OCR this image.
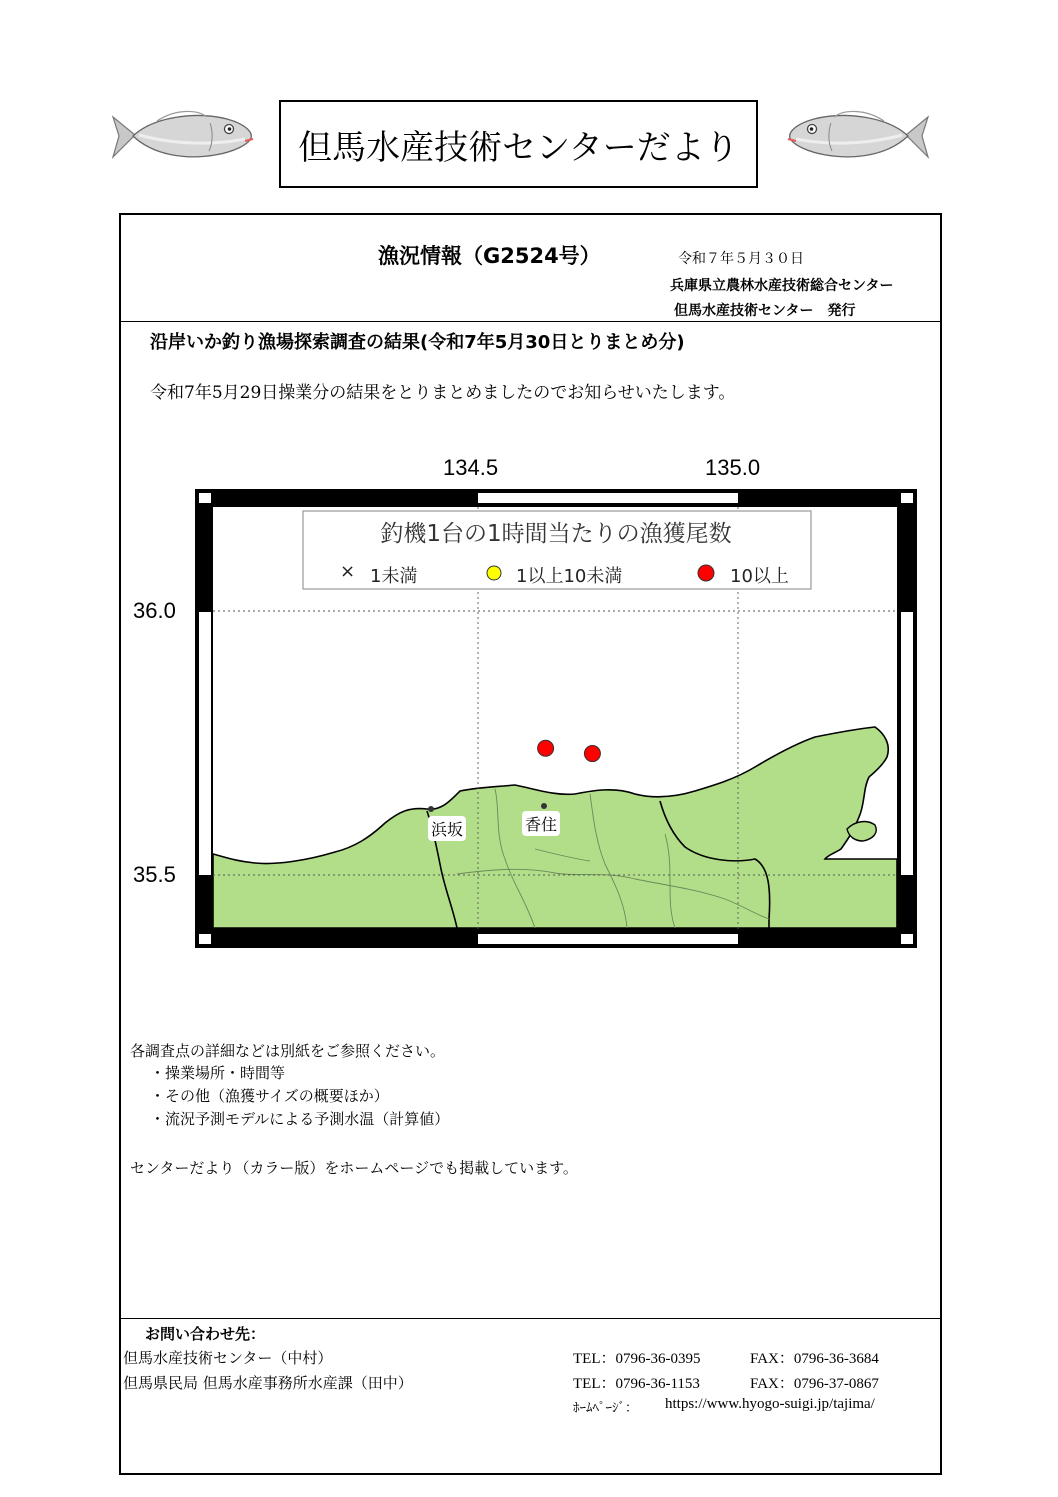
但馬水産技術センターだより
漁況情報（G2524号）	令和７年５月３０日
兵庫県立農林水産技術総合センター
但馬水産技術センター　発行
沿岸いか釣り漁場探索調査の結果(令和7年5月30日とりまとめ分)
令和7年5月29日操業分の結果をとりまとめましたのでお知らせいたします。
134.5	135.0
36.0
35.5
釣機1台の1時間当たりの漁獲尾数
× 1未満	1以上10未満	10以上
浜坂	香住
各調査点の詳細などは別紙をご参照ください。
・操業場所・時間等
・その他（漁獲サイズの概要ほか）
・流況予測モデルによる予測水温（計算値）
センターだより（カラー版）をホームページでも掲載しています。
お問い合わせ先：
但馬水産技術センター（中村）	TEL：0796-36-0395	FAX：0796-36-3684
但馬県民局 但馬水産事務所水産課（田中）	TEL：0796-36-1153	FAX：0796-37-0867
ﾎｰﾑﾍﾟｰｼﾞ： https://www.hyogo-suigi.jp/tajima/
